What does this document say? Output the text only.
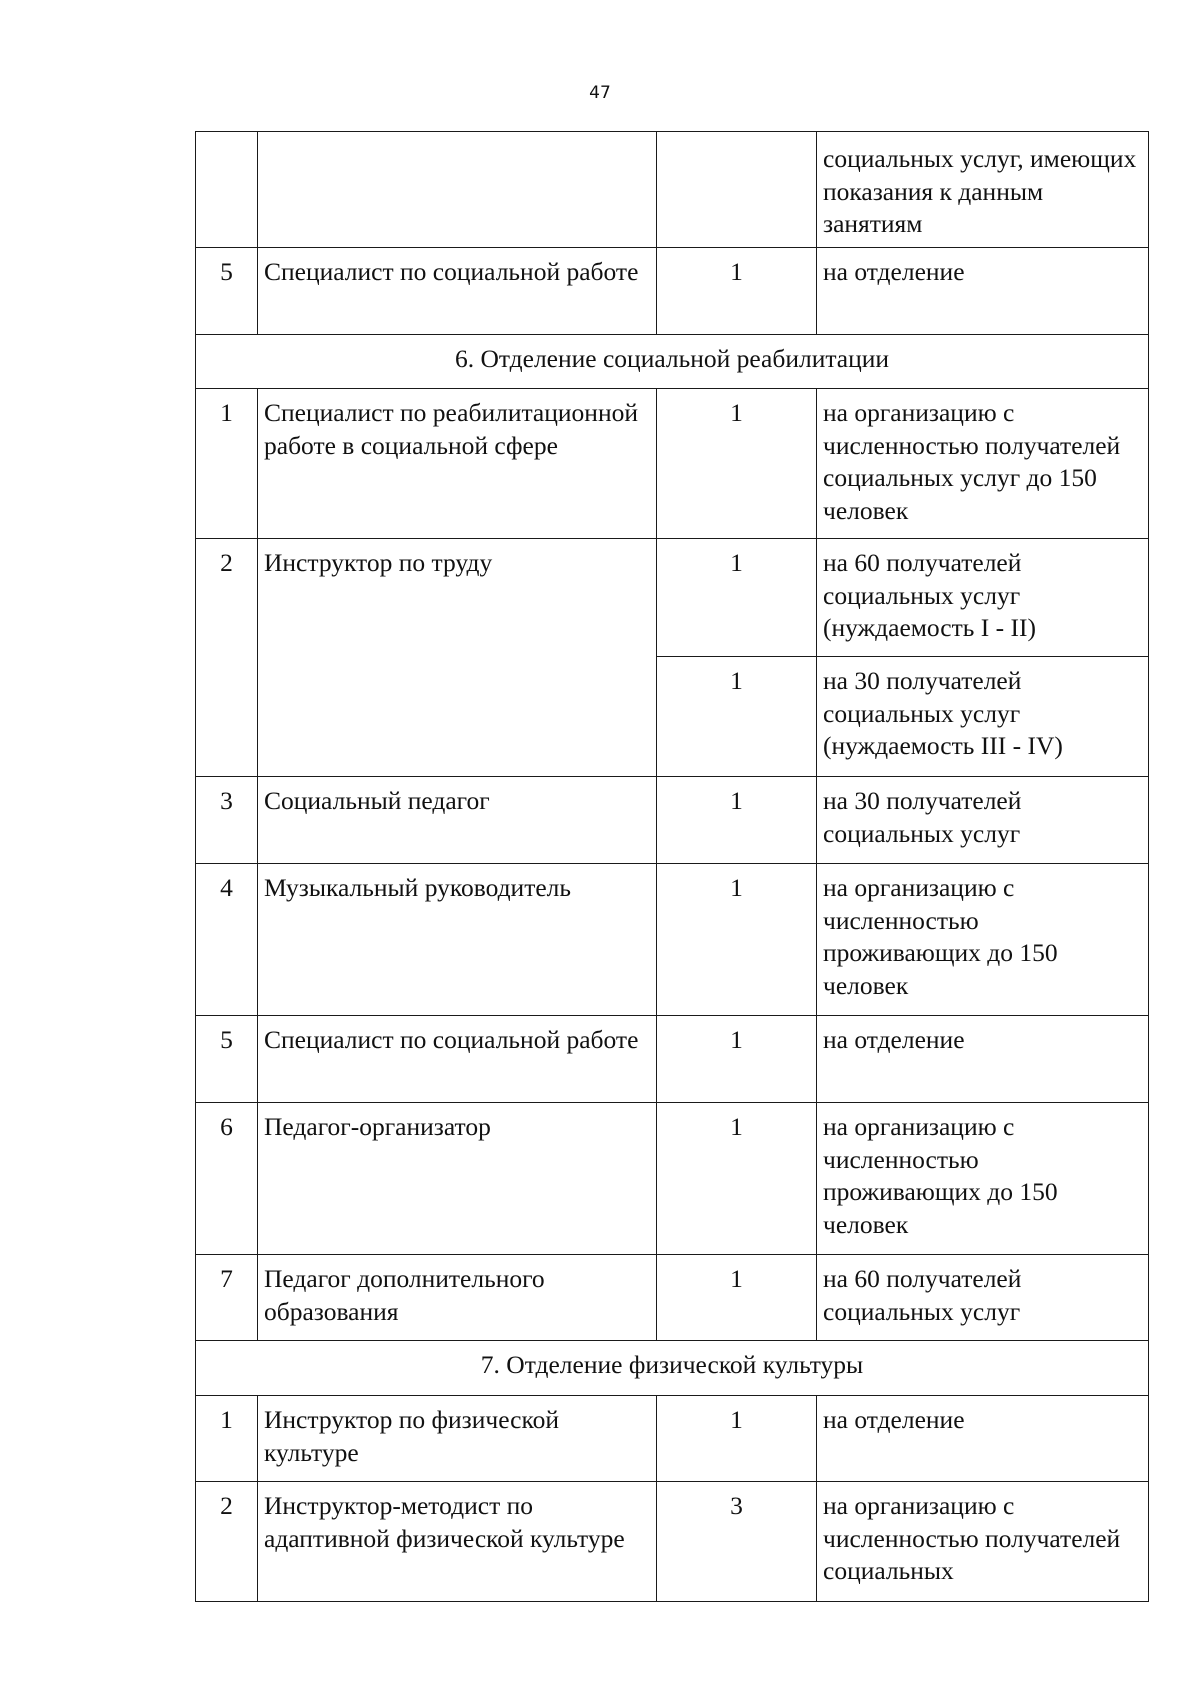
47
			социальных услуг, имеющих показания к данным занятиям
5	Специалист по социальной работе	1	на отделение
6. Отделение социальной реабилитации			
1	Специалист по реабилитационной работе в социальной сфере	1	на организацию с численностью получателей социальных услуг до 150 человек
2	Инструктор по труду	1	на 60 получателей социальных услуг (нуждаемость I - II)
		1	на 30 получателей социальных услуг (нуждаемость III - IV)
3	Социальный педагог	1	на 30 получателей социальных услуг
4	Музыкальный руководитель	1	на организацию с численностью проживающих до 150 человек
5	Специалист по социальной работе	1	на отделение
6	Педагог-организатор	1	на организацию с численностью проживающих до 150 человек
7	Педагог дополнительного образования	1	на 60 получателей социальных услуг
7. Отделение физической культуры			
1	Инструктор по физической культуре	1	на отделение
2	Инструктор-методист по адаптивной физической культуре	3	на организацию с численностью получателей социальных
